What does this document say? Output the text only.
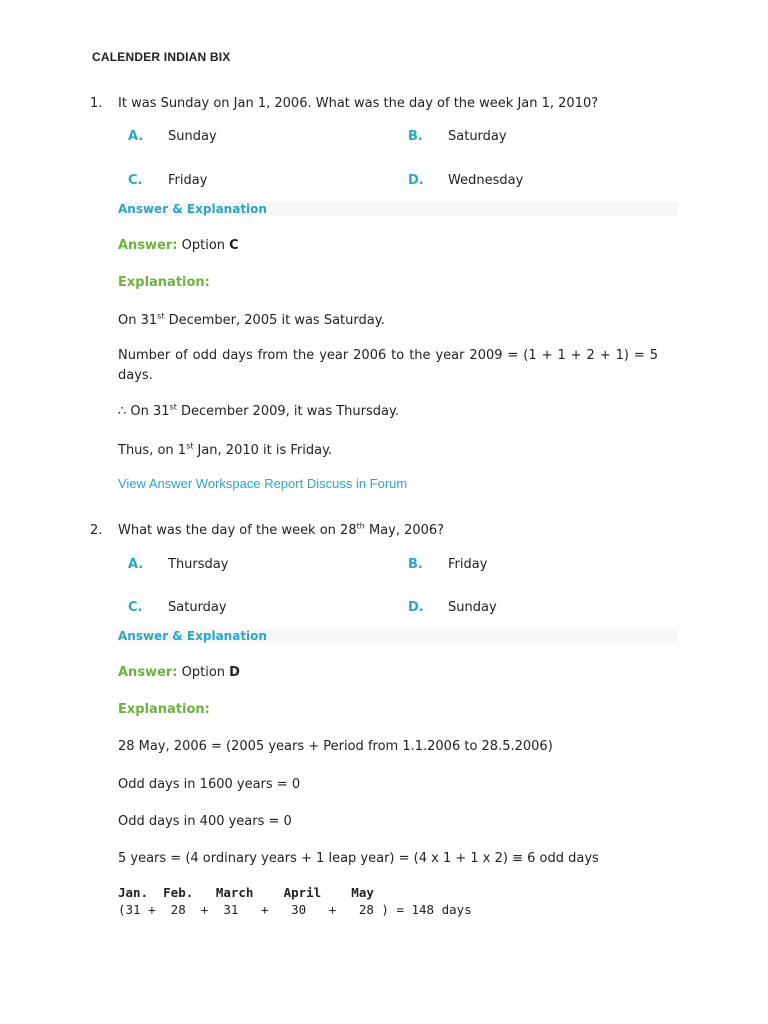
CALENDER INDIAN BIX
1. It was Sunday on Jan 1, 2006. What was the day of the week Jan 1, 2010?
A. Sunday	B. Saturday
C. Friday	D. Wednesday
Answer & Explanation
Answer: Option C
Explanation:
On 31st December, 2005 it was Saturday.
Number of odd days from the year 2006 to the year 2009 = (1 + 1 + 2 + 1) = 5 days.
∴ On 31st December 2009, it was Thursday.
Thus, on 1st Jan, 2010 it is Friday.
View Answer Workspace Report Discuss in Forum
2. What was the day of the week on 28th May, 2006?
A. Thursday	B. Friday
C. Saturday	D. Sunday
Answer & Explanation
Answer: Option D
Explanation:
28 May, 2006 = (2005 years + Period from 1.1.2006 to 28.5.2006)
Odd days in 1600 years = 0
Odd days in 400 years = 0
5 years = (4 ordinary years + 1 leap year) = (4 x 1 + 1 x 2) ≡ 6 odd days
Jan.  Feb.   March    April    May
(31 +  28  +  31   +   30   +   28 ) = 148 days
